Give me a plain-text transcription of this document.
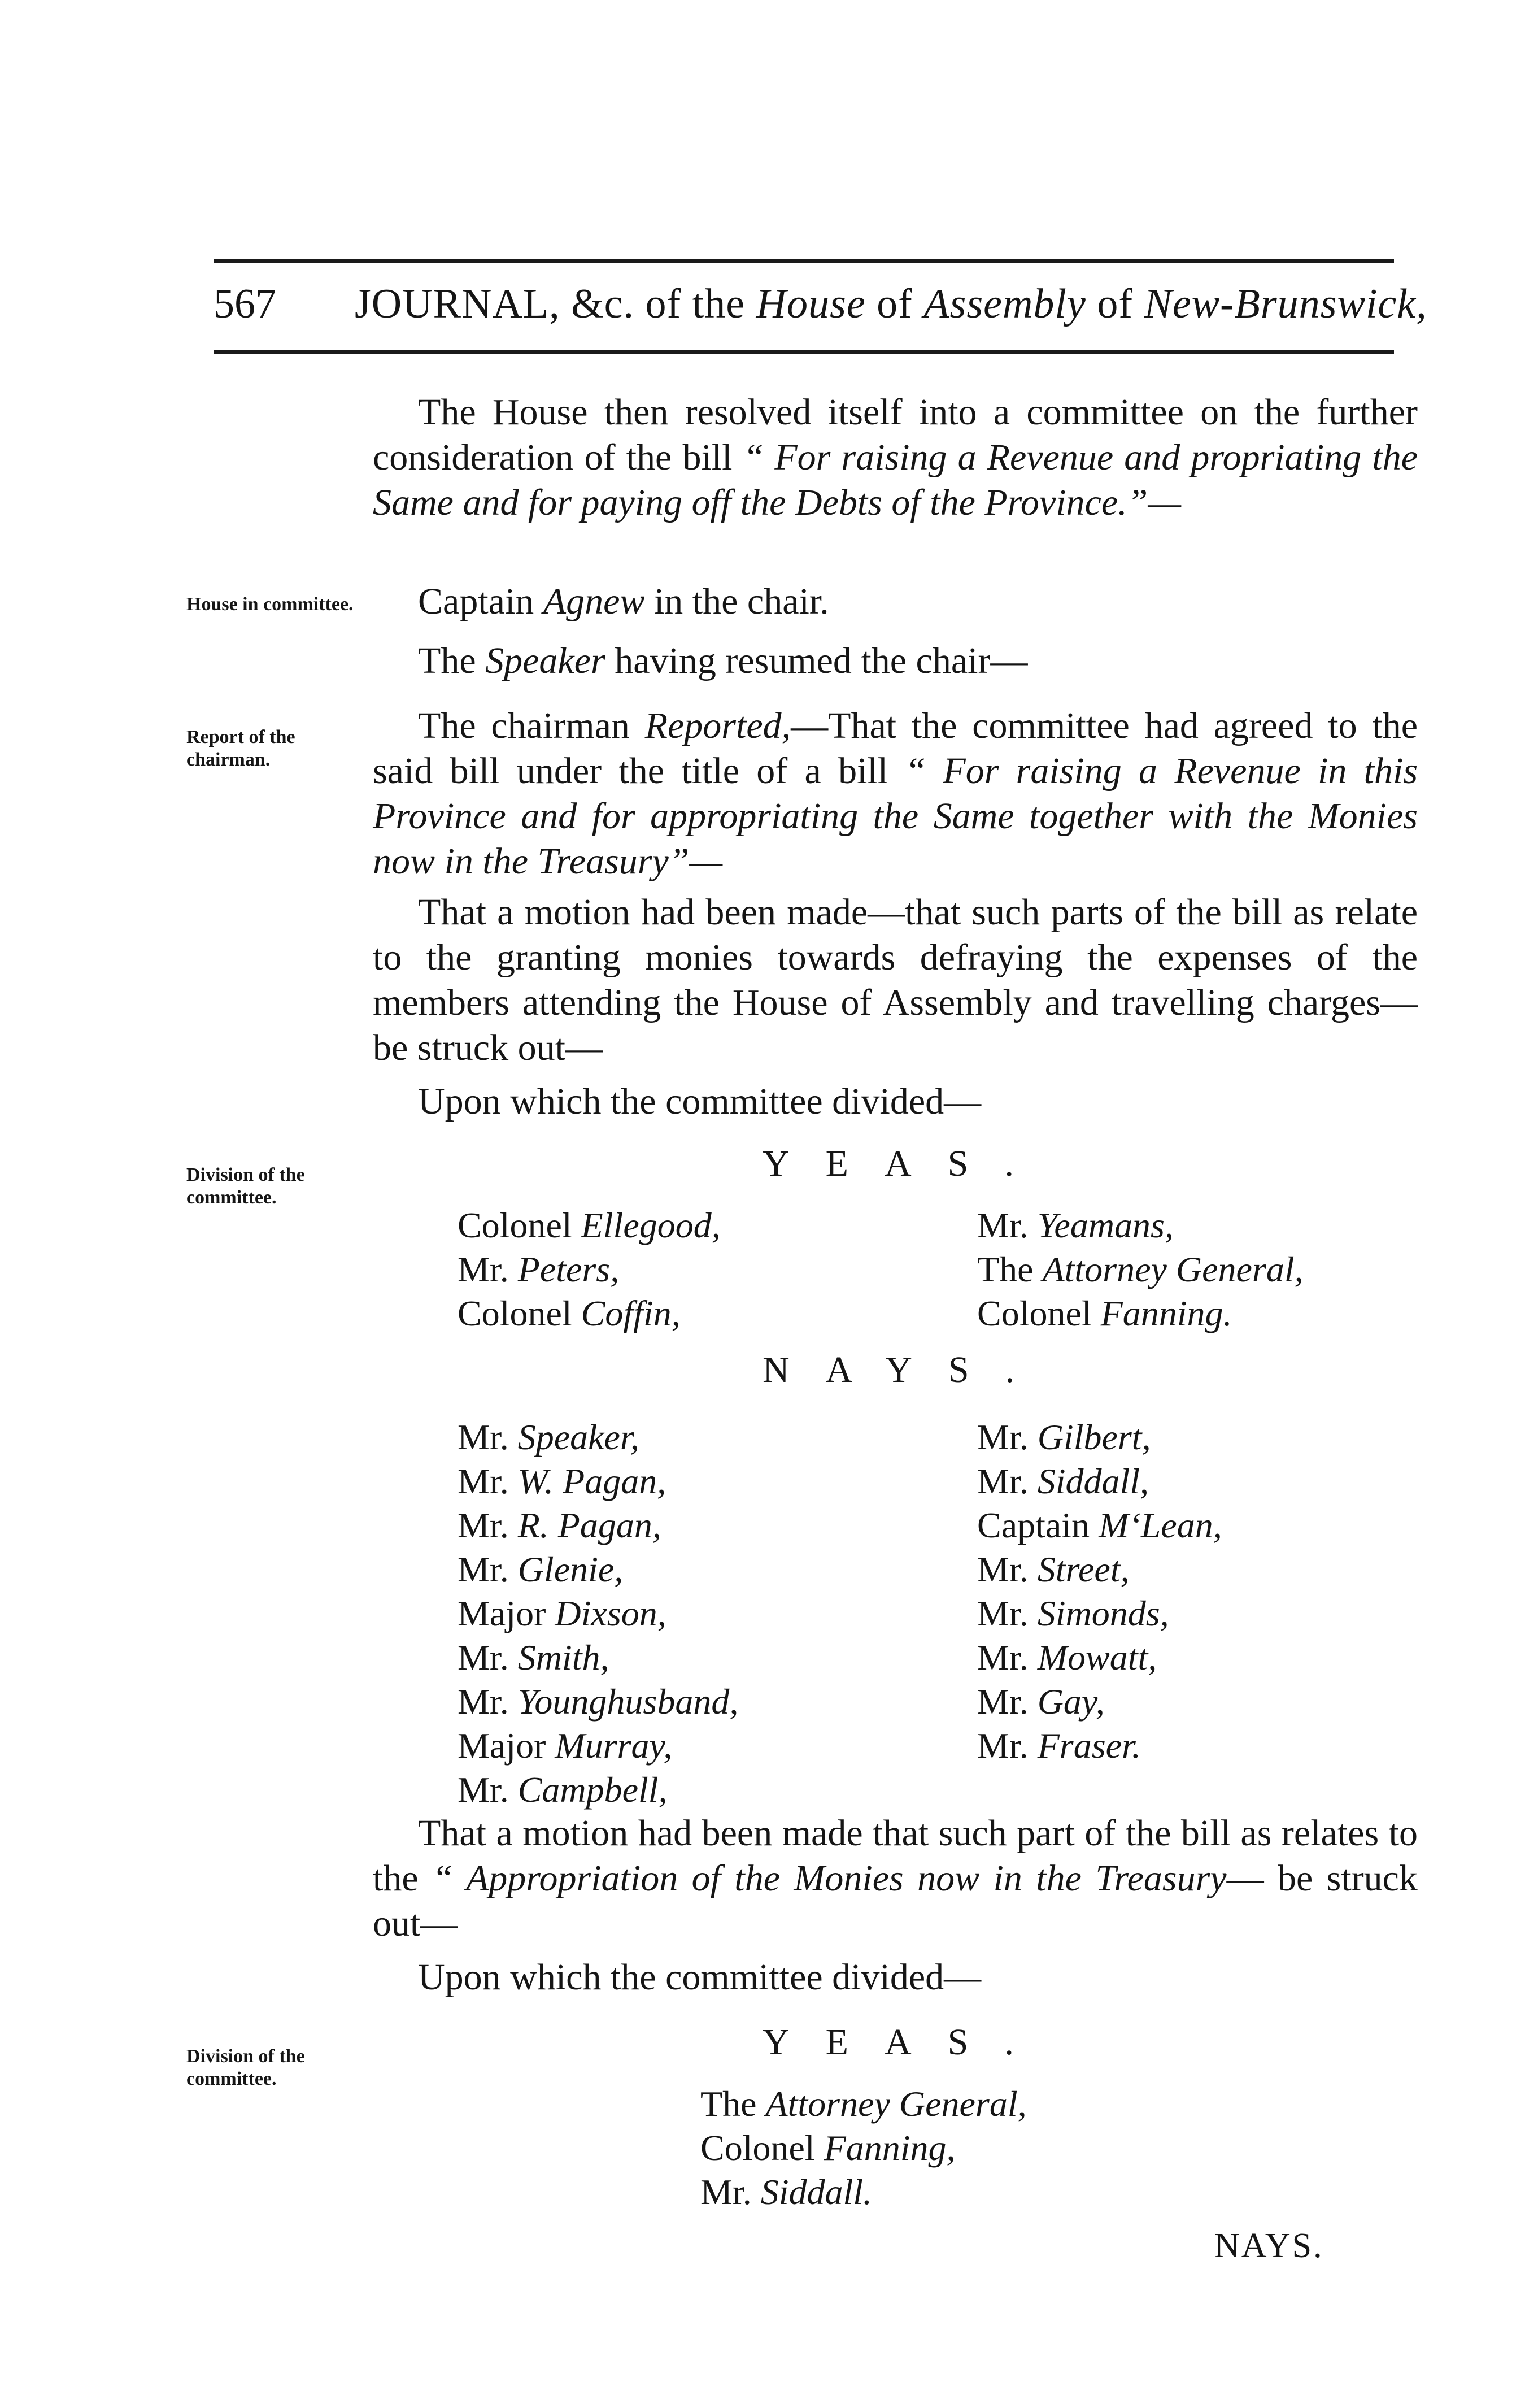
567 JOURNAL, &c. of the House of Assembly of New-Brunswick,

The House then resolved itself into a committee on the further consideration of the bill “ For raising a Revenue and propriating the Same and for paying off the Debts of the Province.”—

House in committee.	Captain Agnew in the chair.
The Speaker having resumed the chair—
Report of the chairman.

The chairman Reported,—That the committee had agreed to the said bill under the title of a bill “ For raising a Revenue in this Province and for appropriating the Same together with the Monies now in the Treasury”—

That a motion had been made—that such parts of the bill as relate to the granting monies towards defraying the expenses of the members attending the House of Assembly and travelling charges—be struck out—

Upon which the committee divided—
Division of the committee.
YEAS.
Colonel Ellegood,
Mr. Peters,
Colonel Coffin,
Mr. Yeamans,
The Attorney General,
Colonel Fanning.
NAYS.
Mr. Speaker,
Mr. W. Pagan,
Mr. R. Pagan,
Mr. Glenie,
Major Dixson,
Mr. Smith,
Mr. Younghusband,
Major Murray,
Mr. Campbell,
Mr. Gilbert,
Mr. Siddall,
Captain M‘Lean,
Mr. Street,
Mr. Simonds,
Mr. Mowatt,
Mr. Gay,
Mr. Fraser.

That a motion had been made that such part of the bill as relates to the “ Appropriation of the Monies now in the Treasury— be struck out—

Upon which the committee divided—
Division of the committee.
YEAS.
The Attorney General,
Colonel Fanning,
Mr. Siddall.
NAYS.
